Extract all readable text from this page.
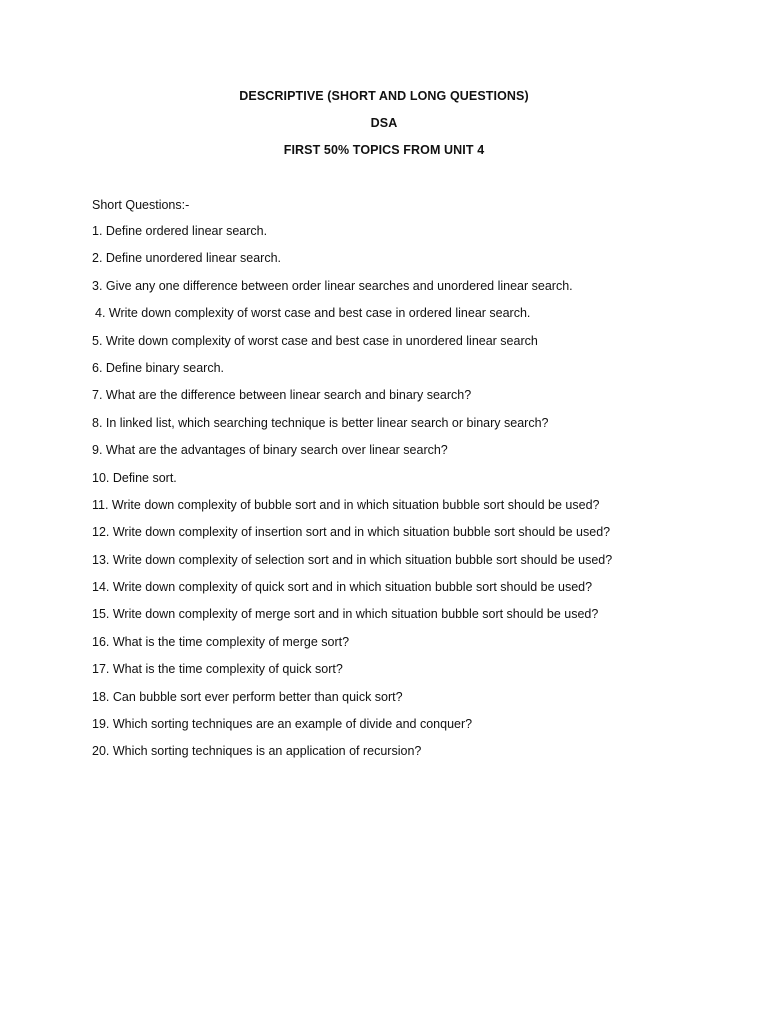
DESCRIPTIVE (SHORT AND LONG QUESTIONS)
DSA
FIRST 50% TOPICS FROM UNIT 4
Short Questions:-
1. Define ordered linear search.
2. Define unordered linear search.
3. Give any one difference between order linear searches and unordered linear search.
4. Write down complexity of worst case and best case in ordered linear search.
5. Write down complexity of worst case and best case in unordered linear search
6. Define binary search.
7. What are the difference between linear search and binary search?
8. In linked list, which searching technique is better linear search or binary search?
9. What are the advantages of binary search over linear search?
10. Define sort.
11. Write down complexity of bubble sort and in which situation bubble sort should be used?
12. Write down complexity of insertion sort and in which situation bubble sort should be used?
13. Write down complexity of selection sort and in which situation bubble sort should be used?
14. Write down complexity of quick sort and in which situation bubble sort should be used?
15. Write down complexity of merge sort and in which situation bubble sort should be used?
16. What is the time complexity of merge sort?
17. What is the time complexity of quick sort?
18. Can bubble sort ever perform better than quick sort?
19. Which sorting techniques are an example of divide and conquer?
20. Which sorting techniques is an application of recursion?
